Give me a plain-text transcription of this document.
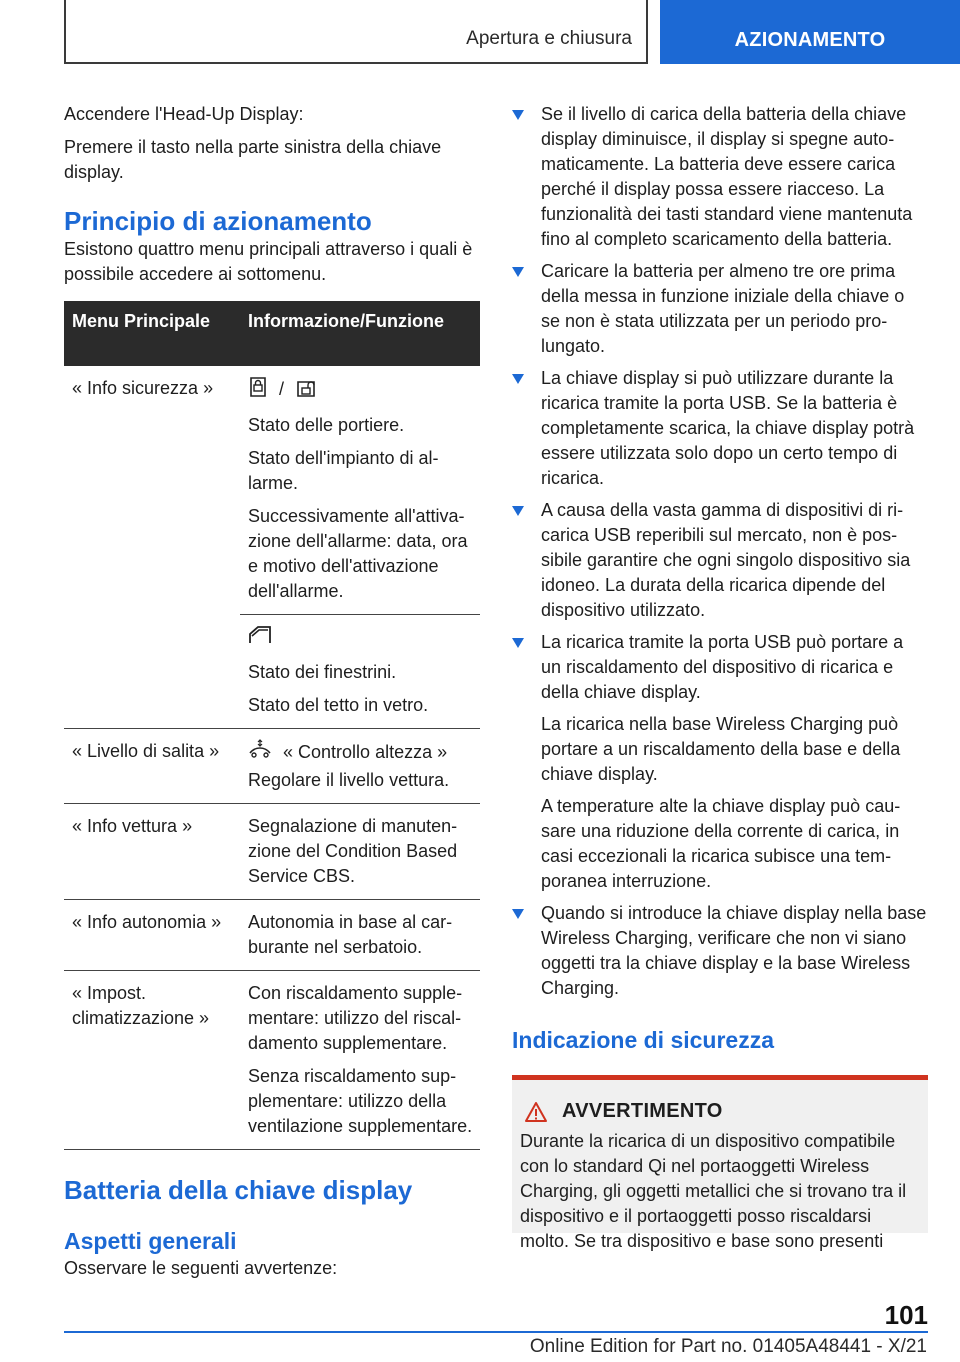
Apertura e chiusura	AZIONAMENTO

Accendere l'Head-Up Display:

Premere il tasto nella parte sinistra della chiave display.

Principio di azionamento

Esistono quattro menu principali attraverso i quali è possibile accedere ai sottomenu.

Menu Principale	Informazione/Funzione
« Info sicurezza »	/
Stato delle portiere.
Stato dell'impianto di allarme.
Successivamente all'attivazione dell'allarme: data, ora e motivo dell'attivazione dell'allarme.

	Stato dei finestrini.
Stato del tetto in vetro.

« Livello di salita »	« Controllo altezza »
Regolare il livello vettura.

« Info vettura »	Segnalazione di manutenzione del Condition Based Service CBS.
« Info autonomia »	Autonomia in base al carburante nel serbatoio.
« Impost. climatizzazione »	Con riscaldamento supplementare: utilizzo del riscaldamento supplementare.
Senza riscaldamento supplementare: utilizzo della ventilazione supplementare.
Batteria della chiave display
Aspetti generali

Osservare le seguenti avvertenze:

Se il livello di carica della batteria della chiave display diminuisce, il display si spegne automaticamente. La batteria deve essere carica perché il display possa essere riacceso. La funzionalità dei tasti standard viene mantenuta fino al completo scaricamento della batteria.

Caricare la batteria per almeno tre ore prima della messa in funzione iniziale della chiave o se non è stata utilizzata per un periodo prolungato.

La chiave display si può utilizzare durante la ricarica tramite la porta USB. Se la batteria è completamente scarica, la chiave display potrà essere utilizzata solo dopo un certo tempo di ricarica.

A causa della vasta gamma di dispositivi di ricarica USB reperibili sul mercato, non è possibile garantire che ogni singolo dispositivo sia idoneo. La durata della ricarica dipende del dispositivo utilizzato.

La ricarica tramite la porta USB può portare a un riscaldamento del dispositivo di ricarica e della chiave display.

La ricarica nella base Wireless Charging può portare a un riscaldamento della base e della chiave display.

A temperature alte la chiave display può causare una riduzione della corrente di carica, in casi eccezionali la ricarica subisce una temporanea interruzione.

Quando si introduce la chiave display nella base Wireless Charging, verificare che non vi siano oggetti tra la chiave display e la base Wireless Charging.

Indicazione di sicurezza
AVVERTIMENTO

Durante la ricarica di un dispositivo compatibile con lo standard Qi nel portaoggetti Wireless Charging, gli oggetti metallici che si trovano tra il dispositivo e il portaoggetti posso riscaldarsi molto. Se tra dispositivo e base sono presenti

101
Online Edition for Part no. 01405A48441 - X/21
